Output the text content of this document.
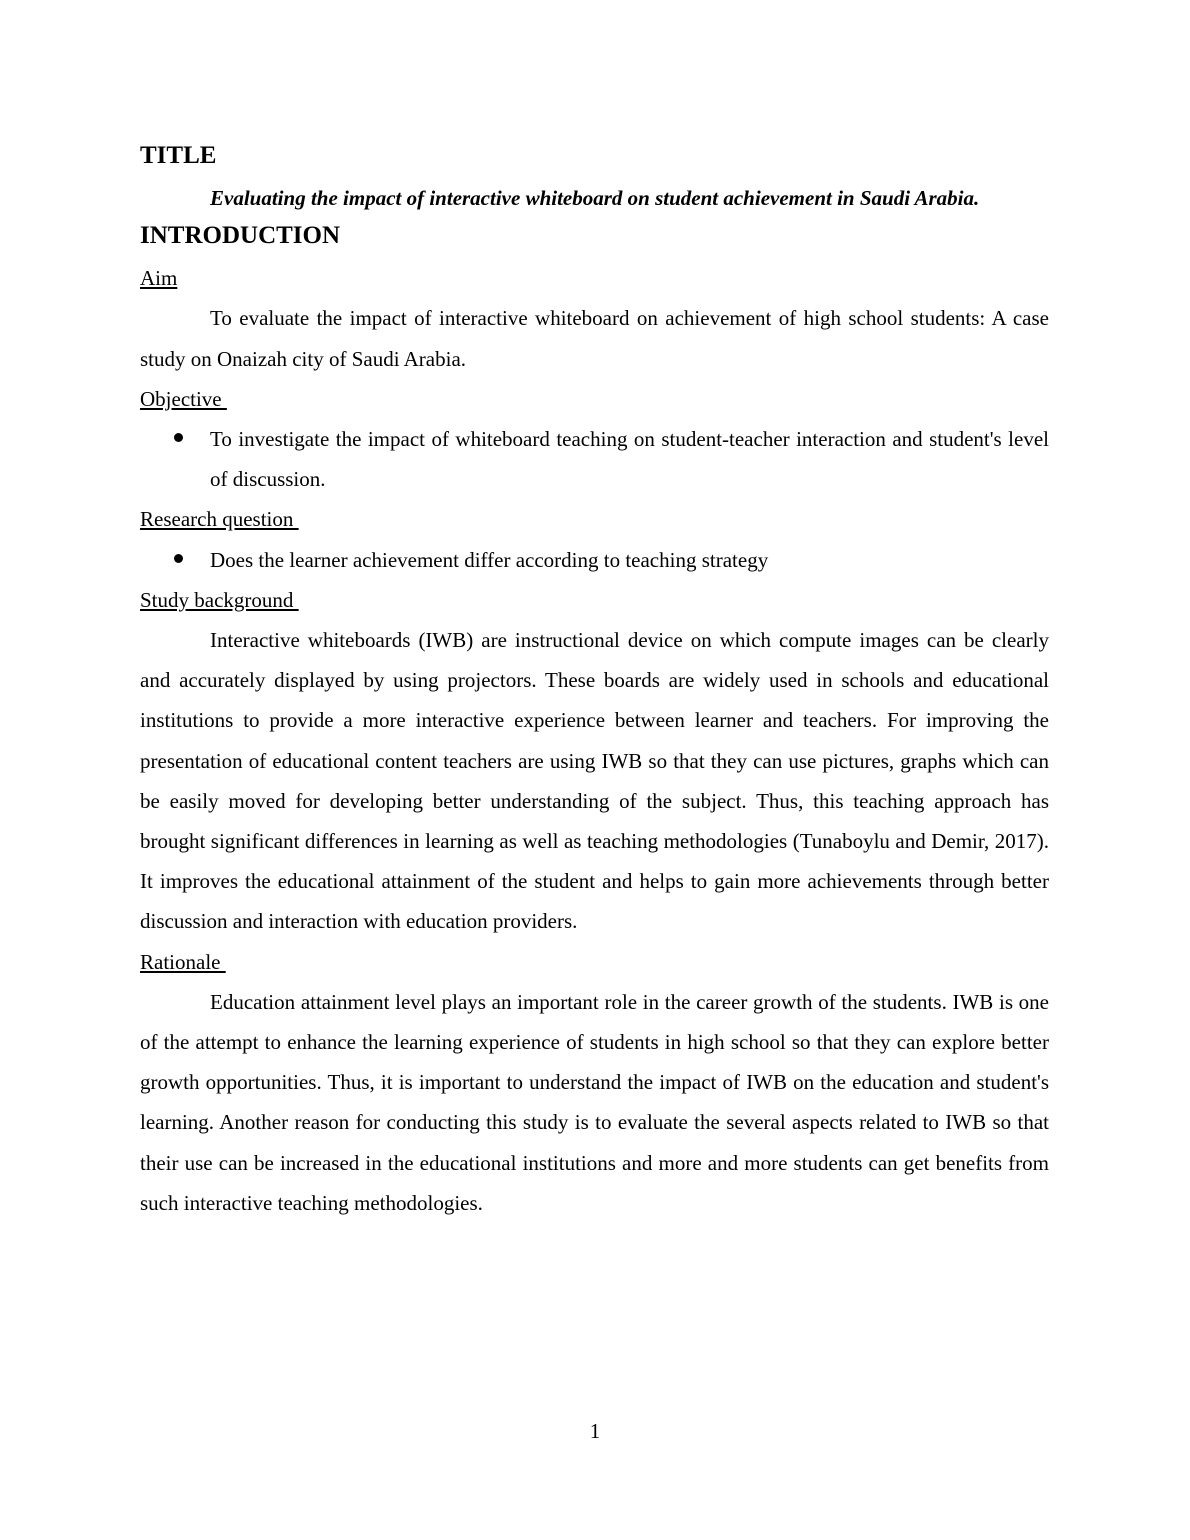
TITLE

Evaluating the impact of interactive whiteboard on student achievement in Saudi Arabia.

INTRODUCTION
Aim

To evaluate the impact of interactive whiteboard on achievement of high school students: A case study on Onaizah city of Saudi Arabia.

Objective
To investigate the impact of whiteboard teaching on student-teacher interaction and student's level of discussion.
Research question
Does the learner achievement differ according to teaching strategy
Study background

Interactive whiteboards (IWB) are instructional device on which compute images can be clearly and accurately displayed by using projectors. These boards are widely used in schools and educational institutions to provide a more interactive experience between learner and teachers. For improving the presentation of educational content teachers are using IWB so that they can use pictures, graphs which can be easily moved for developing better understanding of the subject. Thus, this teaching approach has brought significant differences in learning as well as teaching methodologies (Tunaboylu and Demir, 2017). It improves the educational attainment of the student and helps to gain more achievements through better discussion and interaction with education providers.

Rationale

Education attainment level plays an important role in the career growth of the students. IWB is one of the attempt to enhance the learning experience of students in high school so that they can explore better growth opportunities. Thus, it is important to understand the impact of IWB on the education and student's learning. Another reason for conducting this study is to evaluate the several aspects related to IWB so that their use can be increased in the educational institutions and more and more students can get benefits from such interactive teaching methodologies.

1
